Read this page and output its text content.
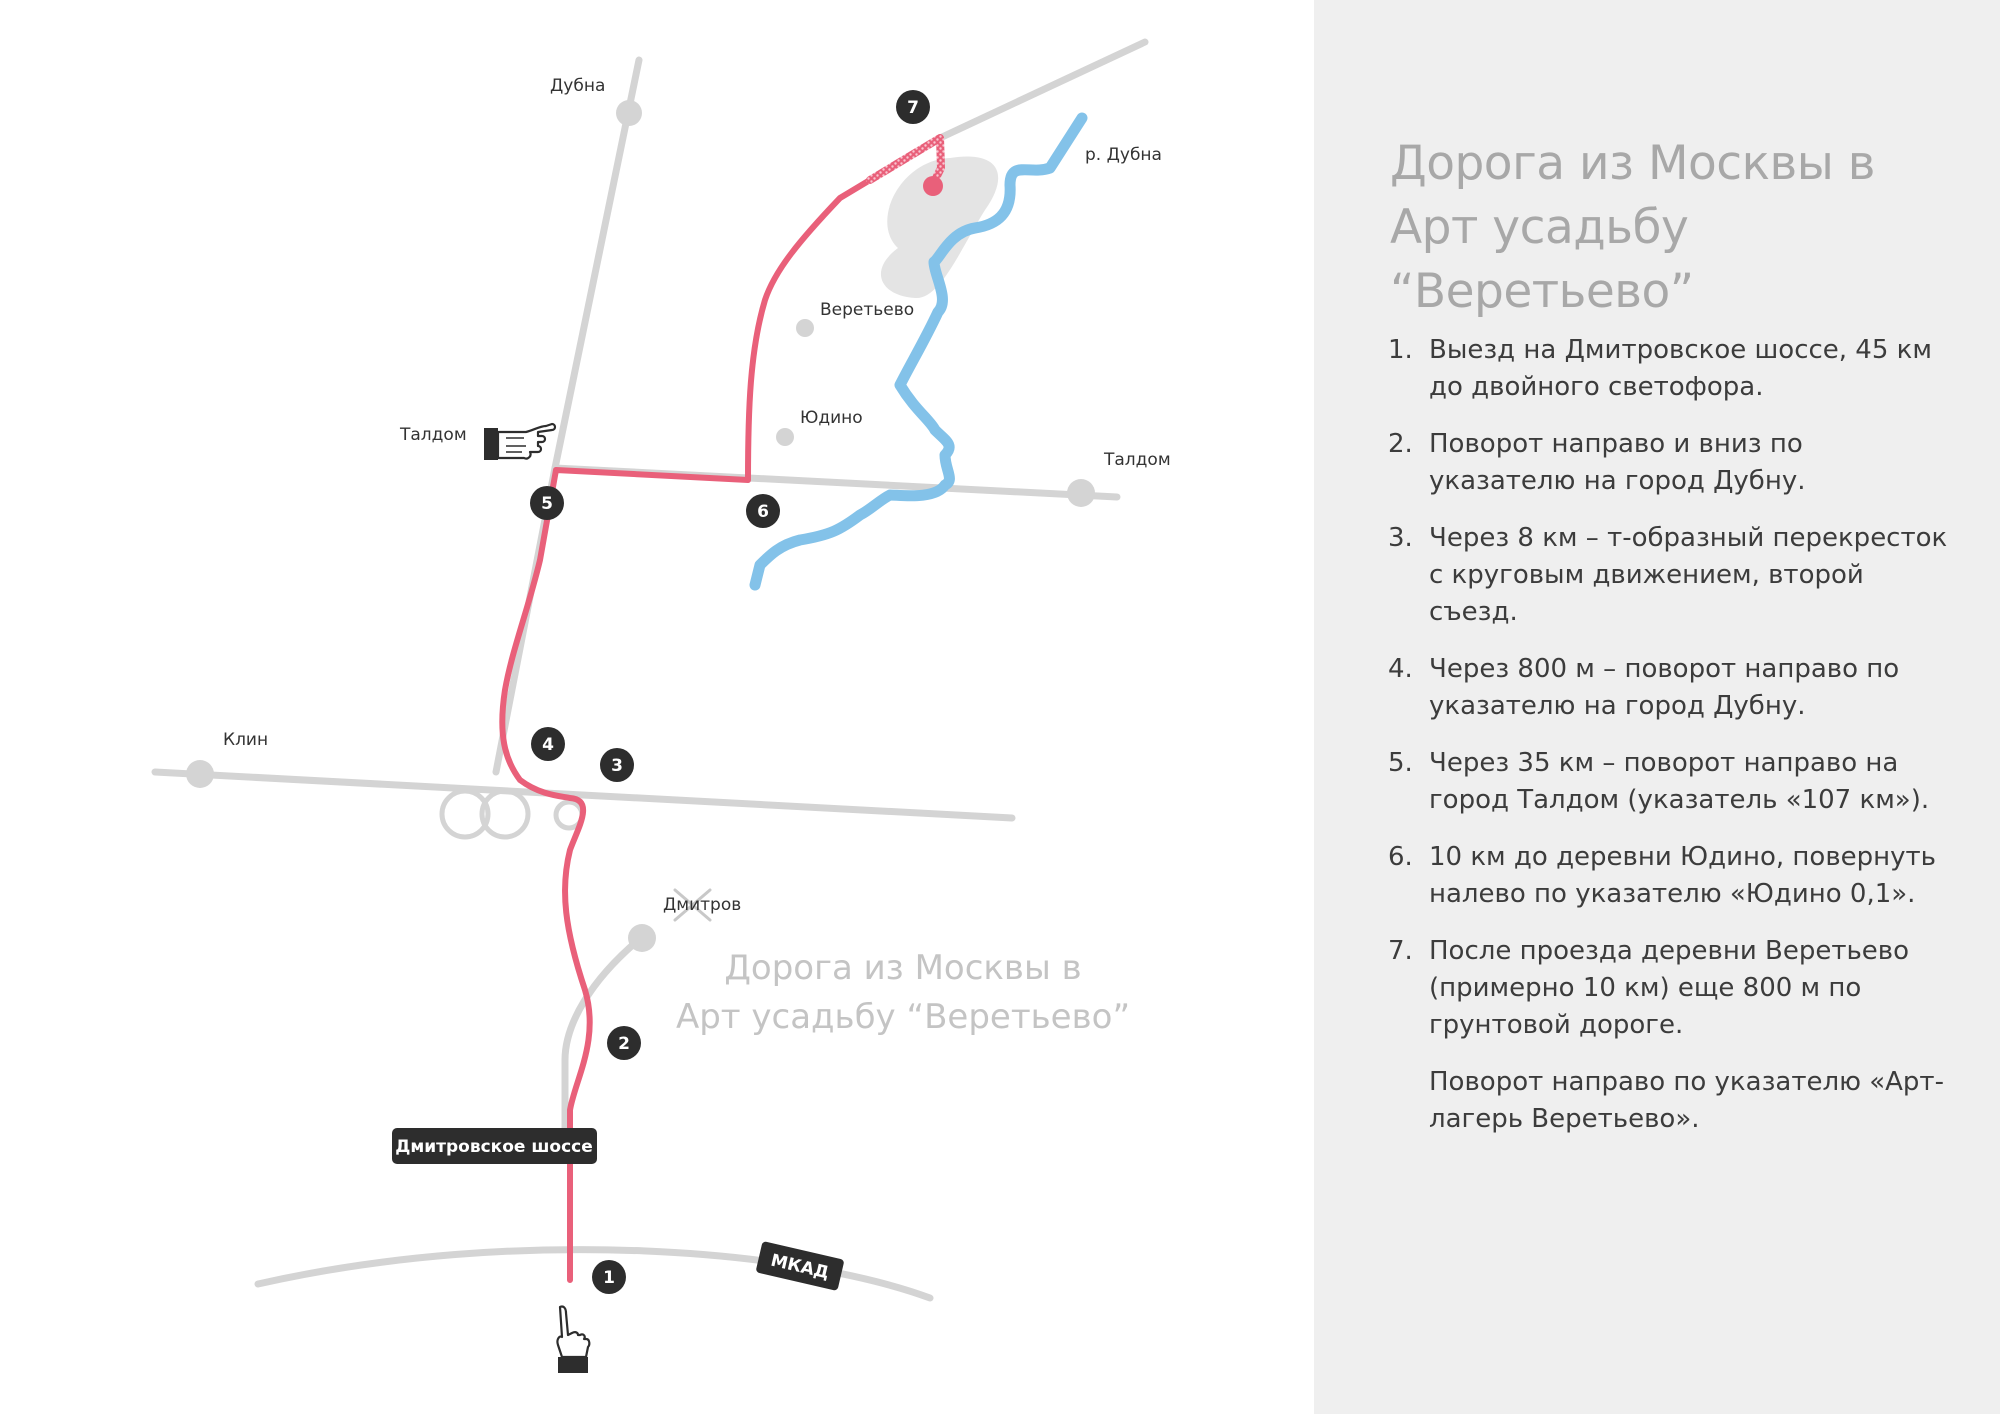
Дубна
р. Дубна
Веретьево
Юдино
Талдом
Талдом
Клин
Дмитров
7
5	6
4
3
2
1
Дмитровское шоссе
МКАД
Дорога из Москвы в
Арт усадьбу “Веретьево”
Дорога из Москвы в
Арт усадьбу “Веретьево”
1. Выезд на Дмитровское шоссе, 45 км до двойного светофора.
2. Поворот направо и вниз по указателю на город Дубну.
3. Через 8 км – т-образный перекресток с круговым движением, второй съезд.
4. Через 800 м – поворот направо по указателю на город Дубну.
5. Через 35 км – поворот направо на город Талдом (указатель «107 км»).
6. 10 км до деревни Юдино, повернуть налево по указателю «Юдино 0,1».
7. После проезда деревни Веретьево (примерно 10 км) еще 800 м по грунтовой дороге.
Поворот направо по указателю «Арт-лагерь Веретьево».
